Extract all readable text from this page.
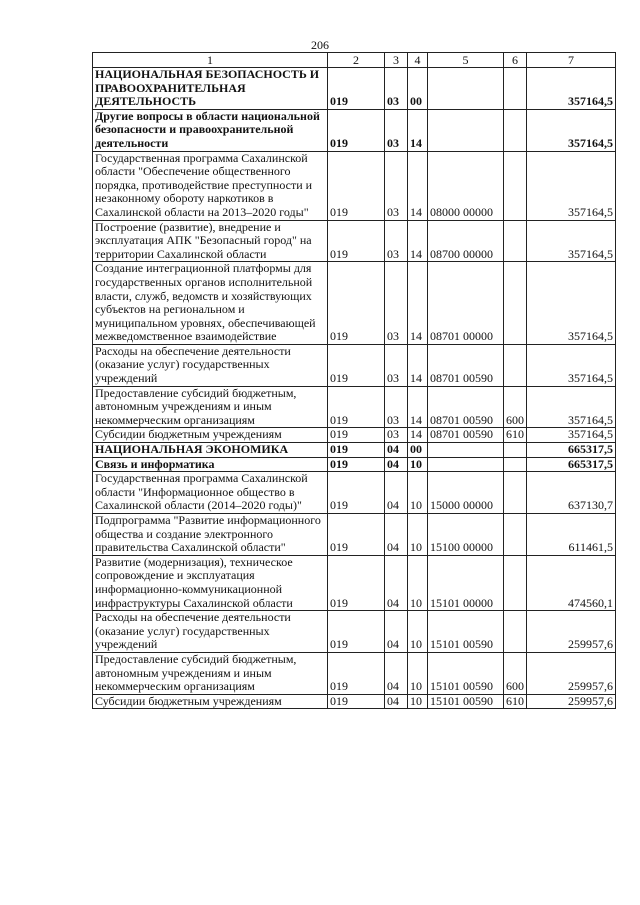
206
1	2	3	4	5	6	7
НАЦИОНАЛЬНАЯ БЕЗОПАСНОСТЬ И ПРАВООХРАНИТЕЛЬНАЯ ДЕЯТЕЛЬНОСТЬ	019	03	00			357164,5
Другие вопросы в области национальной безопасности и правоохранительной деятельности	019	03	14			357164,5
Государственная программа Сахалинской области "Обеспечение общественного порядка, противодействие преступности и незаконному обороту наркотиков в Сахалинской области на 2013–2020 годы"	019	03	14	08000 00000		357164,5
Построение (развитие), внедрение и эксплуатация АПК "Безопасный город" на территории Сахалинской области	019	03	14	08700 00000		357164,5
Создание интеграционной платформы для государственных органов исполнительной власти, служб, ведомств и хозяйствующих субъектов на региональном и муниципальном уровнях, обеспечивающей межведомственное взаимодействие	019	03	14	08701 00000		357164,5
Расходы на обеспечение деятельности (оказание услуг) государственных учреждений	019	03	14	08701 00590		357164,5
Предоставление субсидий бюджетным, автономным учреждениям и иным некоммерческим организациям	019	03	14	08701 00590	600	357164,5
Субсидии бюджетным учреждениям	019	03	14	08701 00590	610	357164,5
НАЦИОНАЛЬНАЯ ЭКОНОМИКА	019	04	00			665317,5
Связь и информатика	019	04	10			665317,5
Государственная программа Сахалинской области "Информационное общество в Сахалинской области (2014–2020 годы)"	019	04	10	15000 00000		637130,7
Подпрограмма "Развитие информационного общества и создание электронного правительства Сахалинской области"	019	04	10	15100 00000		611461,5
Развитие (модернизация), техническое сопровождение и эксплуатация информационно-коммуникационной инфраструктуры Сахалинской области	019	04	10	15101 00000		474560,1
Расходы на обеспечение деятельности (оказание услуг) государственных учреждений	019	04	10	15101 00590		259957,6
Предоставление субсидий бюджетным, автономным учреждениям и иным некоммерческим организациям	019	04	10	15101 00590	600	259957,6
Субсидии бюджетным учреждениям	019	04	10	15101 00590	610	259957,6
